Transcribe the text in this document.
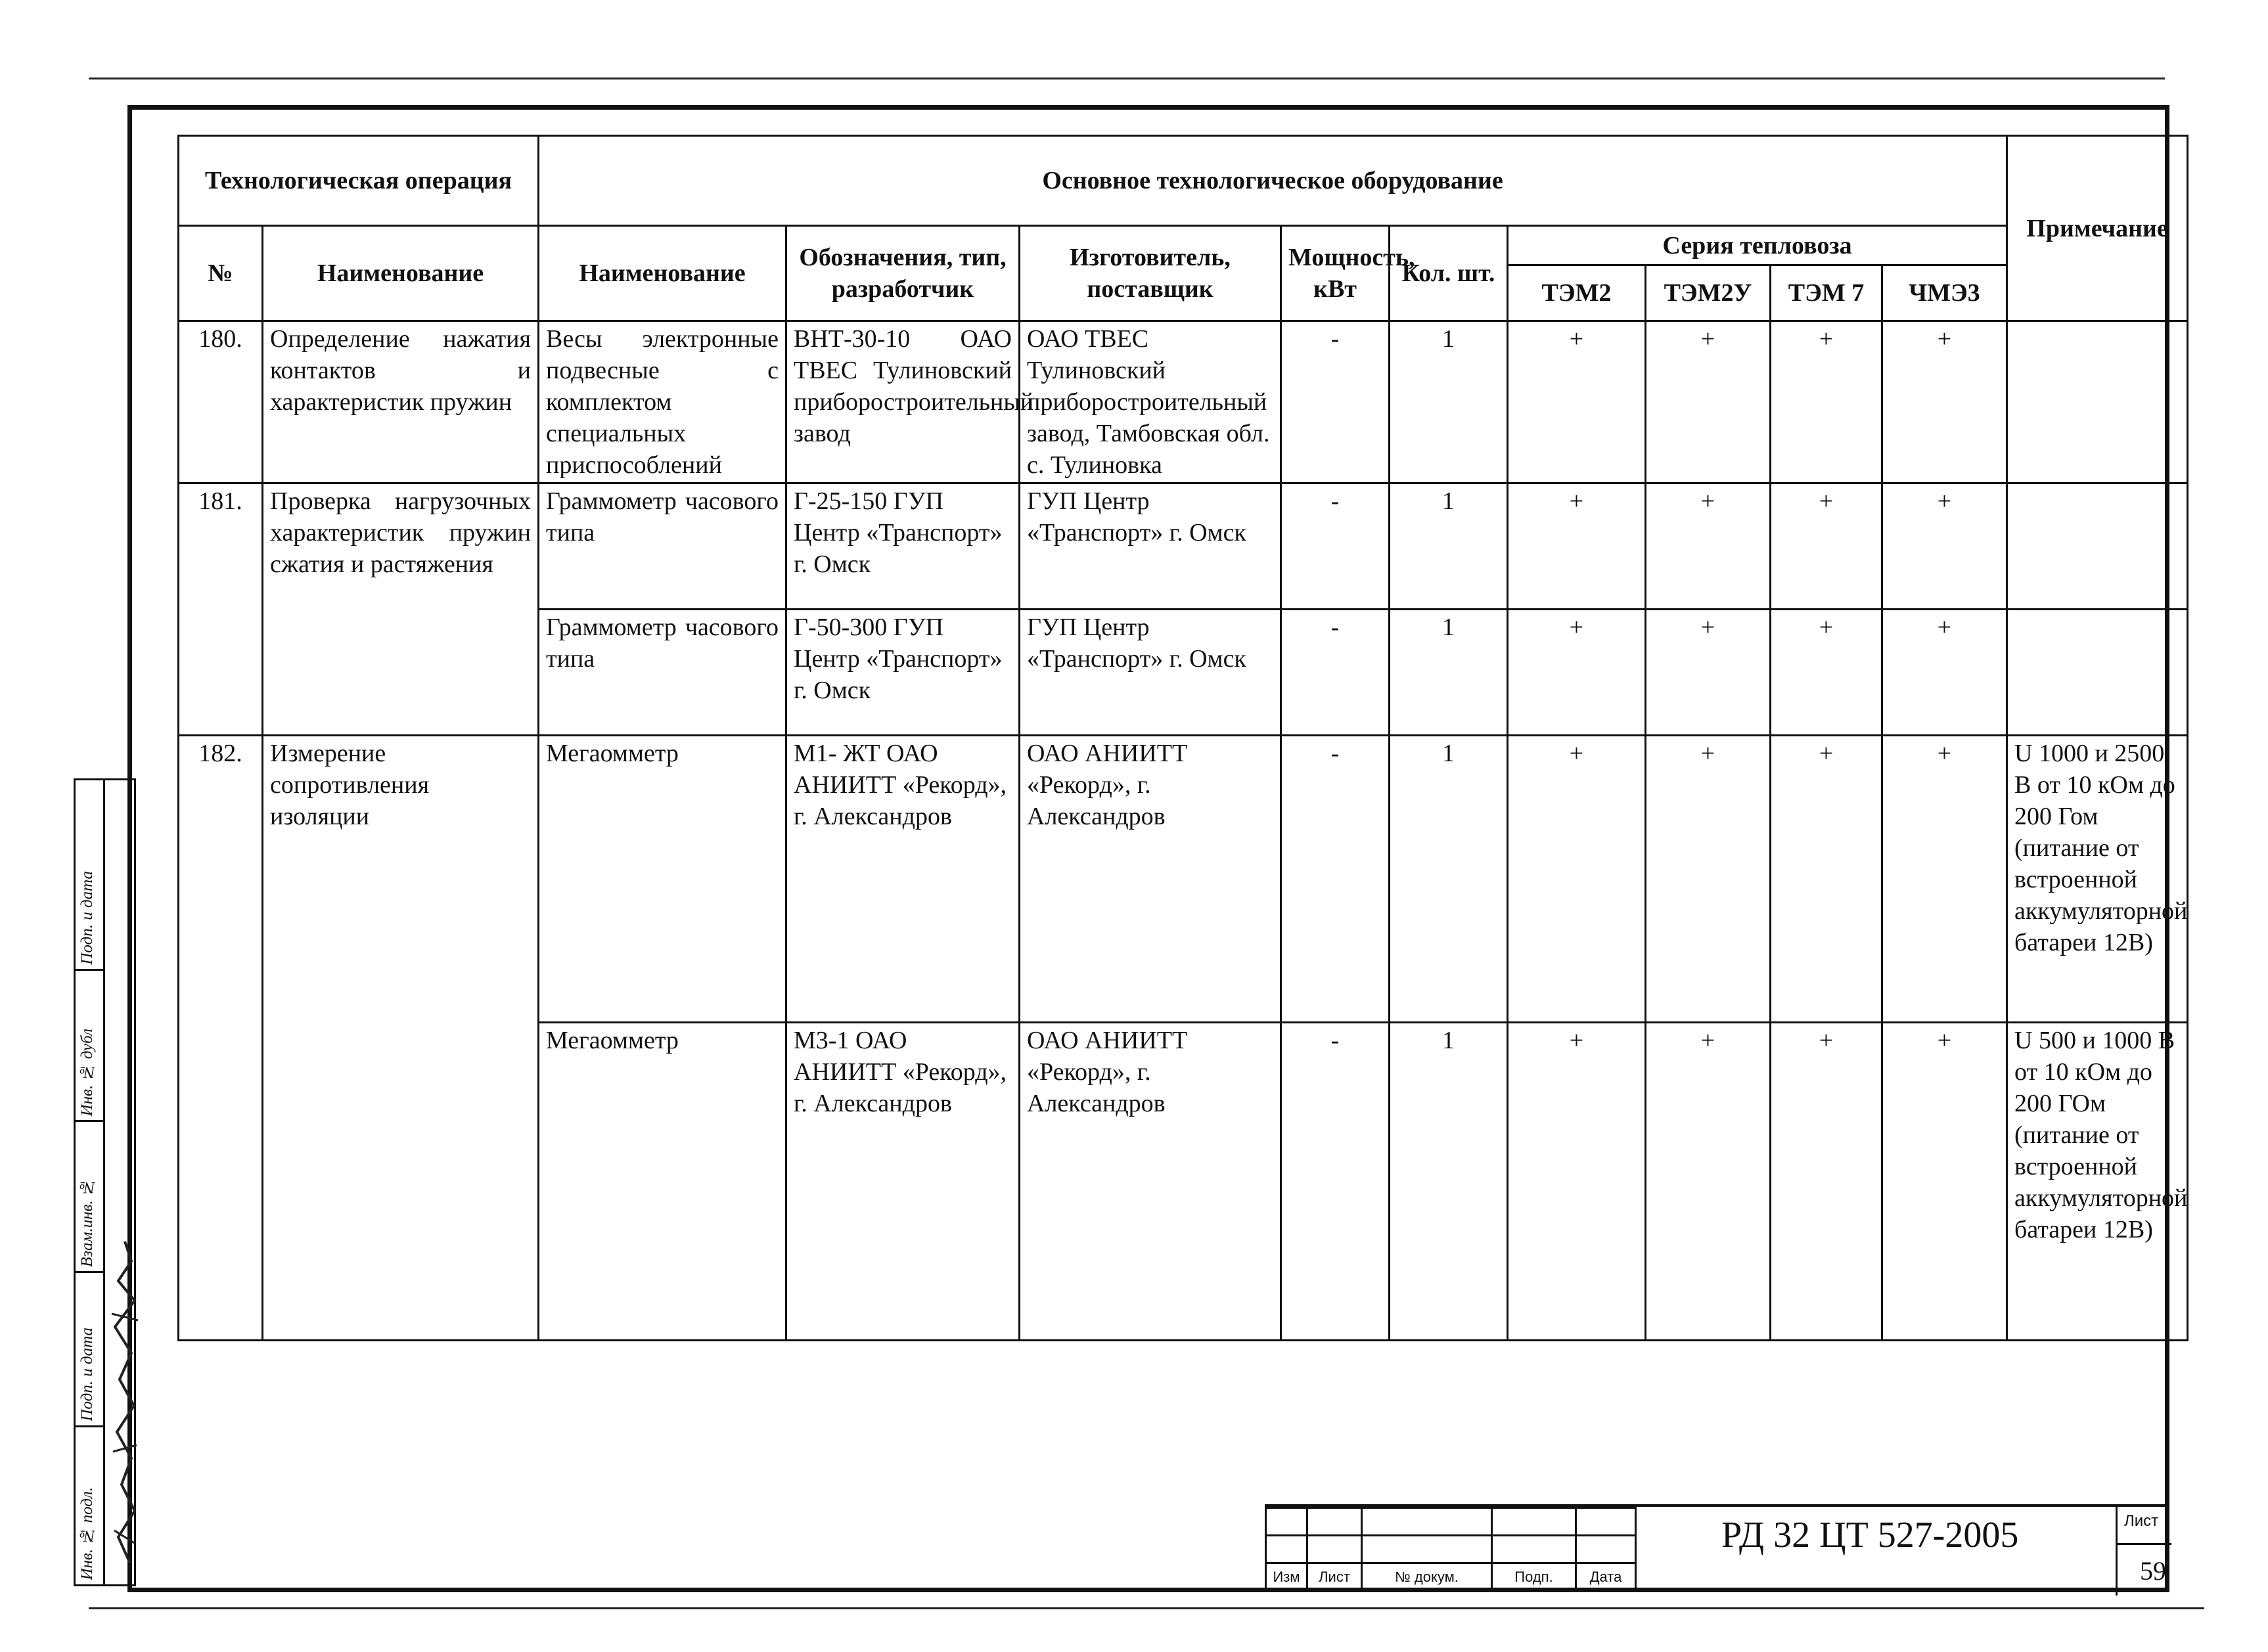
Технологическая операция		Основное технологическое оборудование									Примечание
№	Наименование	Наименование	Обозначения, тип, разработчик	Изготовитель, поставщик	Мощность, кВт	Кол. шт.	Серия тепловоза				
							ТЭМ2	ТЭМ2У	ТЭМ 7	ЧМЭ3	
180.	Определение нажатия контактов и характеристик пружин	Весы электронные подвесные с комплектом специальных приспособлений	ВНТ-30-10 ОАО ТВЕС Тулиновский приборостроительный завод	ОАО ТВЕС Тулиновский приборостроительный завод, Тамбовская обл. с. Тулиновка	-	1	+	+	+	+	
181.	Проверка нагрузочных характеристик пружин сжатия и растяжения	Граммометр часового типа	Г-25-150 ГУП Центр «Транспорт» г. Омск	ГУП Центр «Транспорт» г. Омск	-	1	+	+	+	+	
		Граммометр часового типа	Г-50-300 ГУП Центр «Транспорт» г. Омск	ГУП Центр «Транспорт» г. Омск	-	1	+	+	+	+	
182.	Измерение сопротивления изоляции	Мегаомметр	М1- ЖТ ОАО АНИИТТ «Рекорд», г. Александров	ОАО АНИИТТ «Рекорд», г. Александров	-	1	+	+	+	+	U 1000 и 2500 В от 10 кОм до 200 Гом (питание от встроенной аккумуляторной батареи 12В)
		Мегаомметр	М3-1 ОАО АНИИТТ «Рекорд», г. Александров	ОАО АНИИТТ «Рекорд», г. Александров	-	1	+	+	+	+	U 500 и 1000 В от 10 кОм до 200 ГОм (питание от встроенной аккумуляторной батареи 12В)
Подп. и дата
Инв. № дубл
Взам.инв. №
Подп. и дата
Инв. № подл.

					Изм	Лист	№ докум.	Подп.	Дата
Лист
59
РД 32 ЦТ 527-2005
